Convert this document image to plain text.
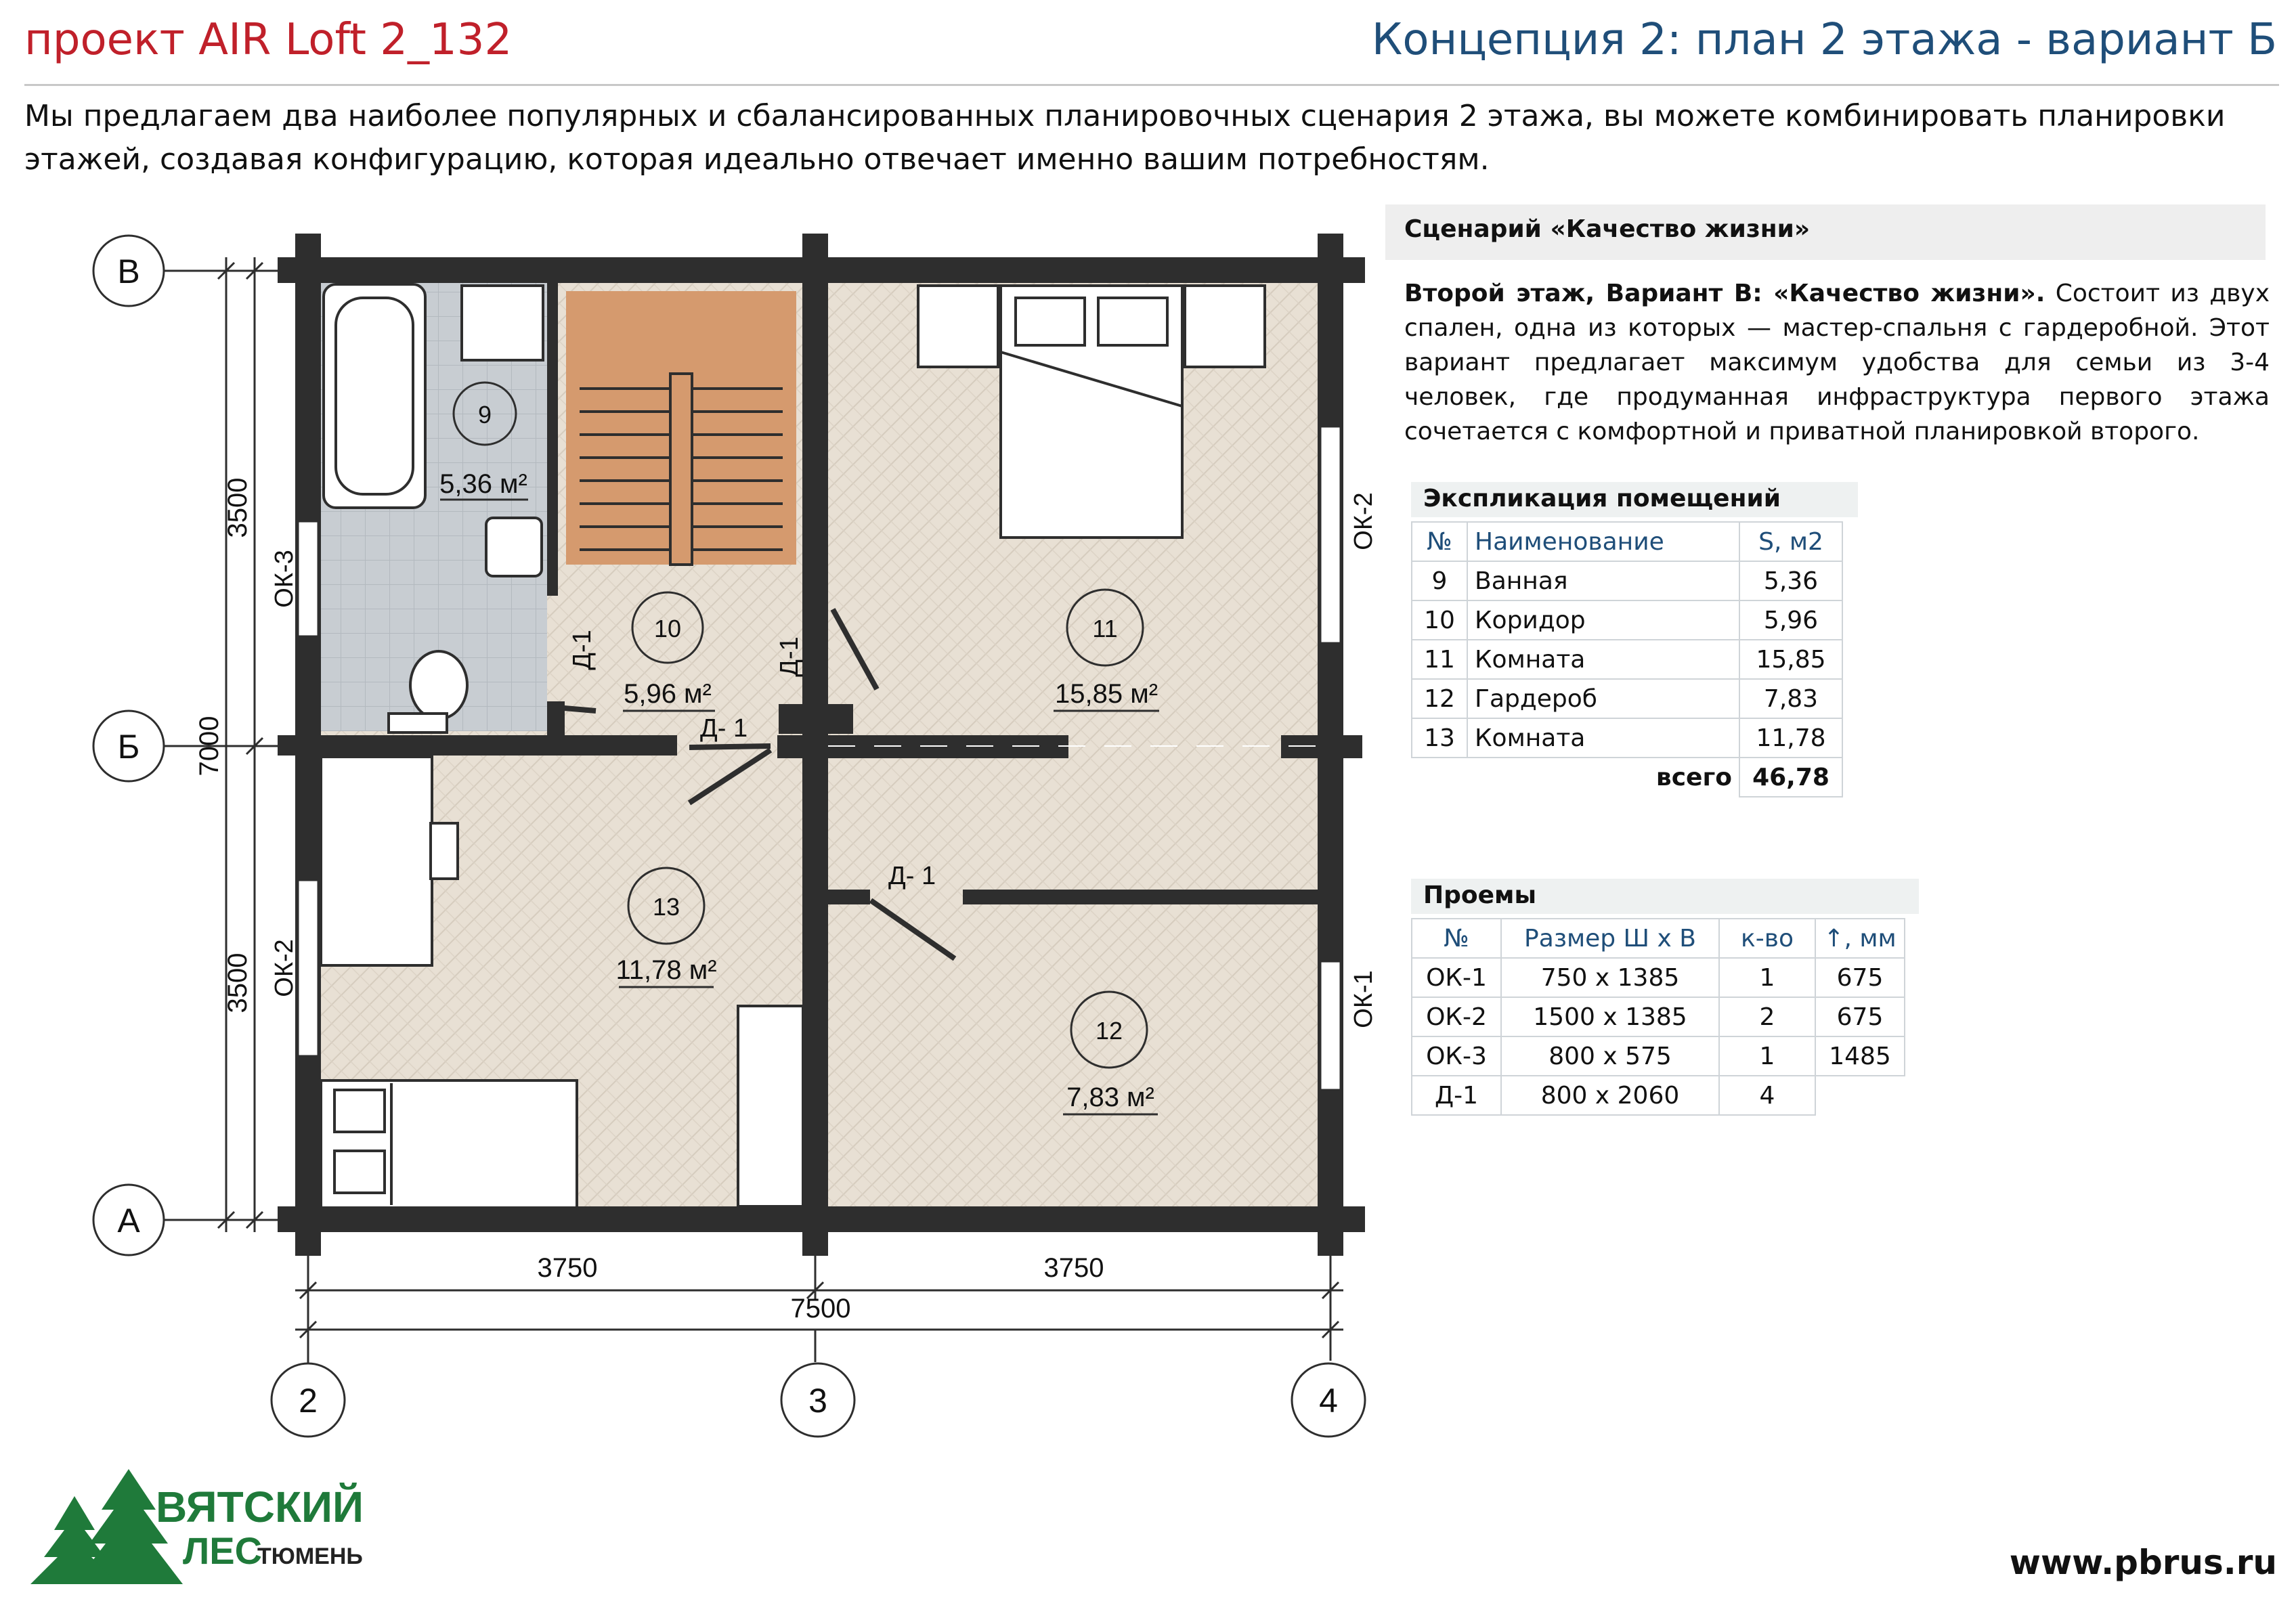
проект AIR Loft 2_132	Концепция 2: план 2 этажа - вариант Б
Мы предлагаем два наиболее популярных и сбалансированных планировочных сценария 2 этажа, вы можете комбинировать планировки этажей, создавая конфигурацию, которая идеально отвечает именно вашим потребностям.
9
5,36 м²
10
5,96 м²
11
15,85 м²
12
7,83 м²
13
11,78 м²
ОК-3
ОК-2
ОК-2
ОК-1
Д-1	Д-1
Д- 1
Д- 1
В
Б
А
3500
7000
3500
3750	3750
7500
2	3	4
Сценарий «Качество жизни»
Второй этаж, Вариант В: «Качество жизни». Состоит из двух спален, одна из которых — мастер-спальня с гардеробной. Этот вариант предлагает максимум удобства для семьи из 3-4 человек, где продуманная инфраструктура первого этажа сочетается с комфортной и приватной планировкой второго.
Экспликация помещений
№	Наименование	S, м2
9	Ванная	5,36
10	Коридор	5,96
11	Комната	15,85
12	Гардероб	7,83
13	Комната	11,78
	всего	46,78
Проемы
№	Размер Ш х В	к-во	↑, мм
ОК-1	750 х 1385	1	675
ОК-2	1500 х 1385	2	675
ОК-3	800 х 575	1	1485
Д-1	800 х 2060	4	
ВЯТСКИЙ
ЛЕС
ТЮМЕНЬ	www.pbrus.ru
